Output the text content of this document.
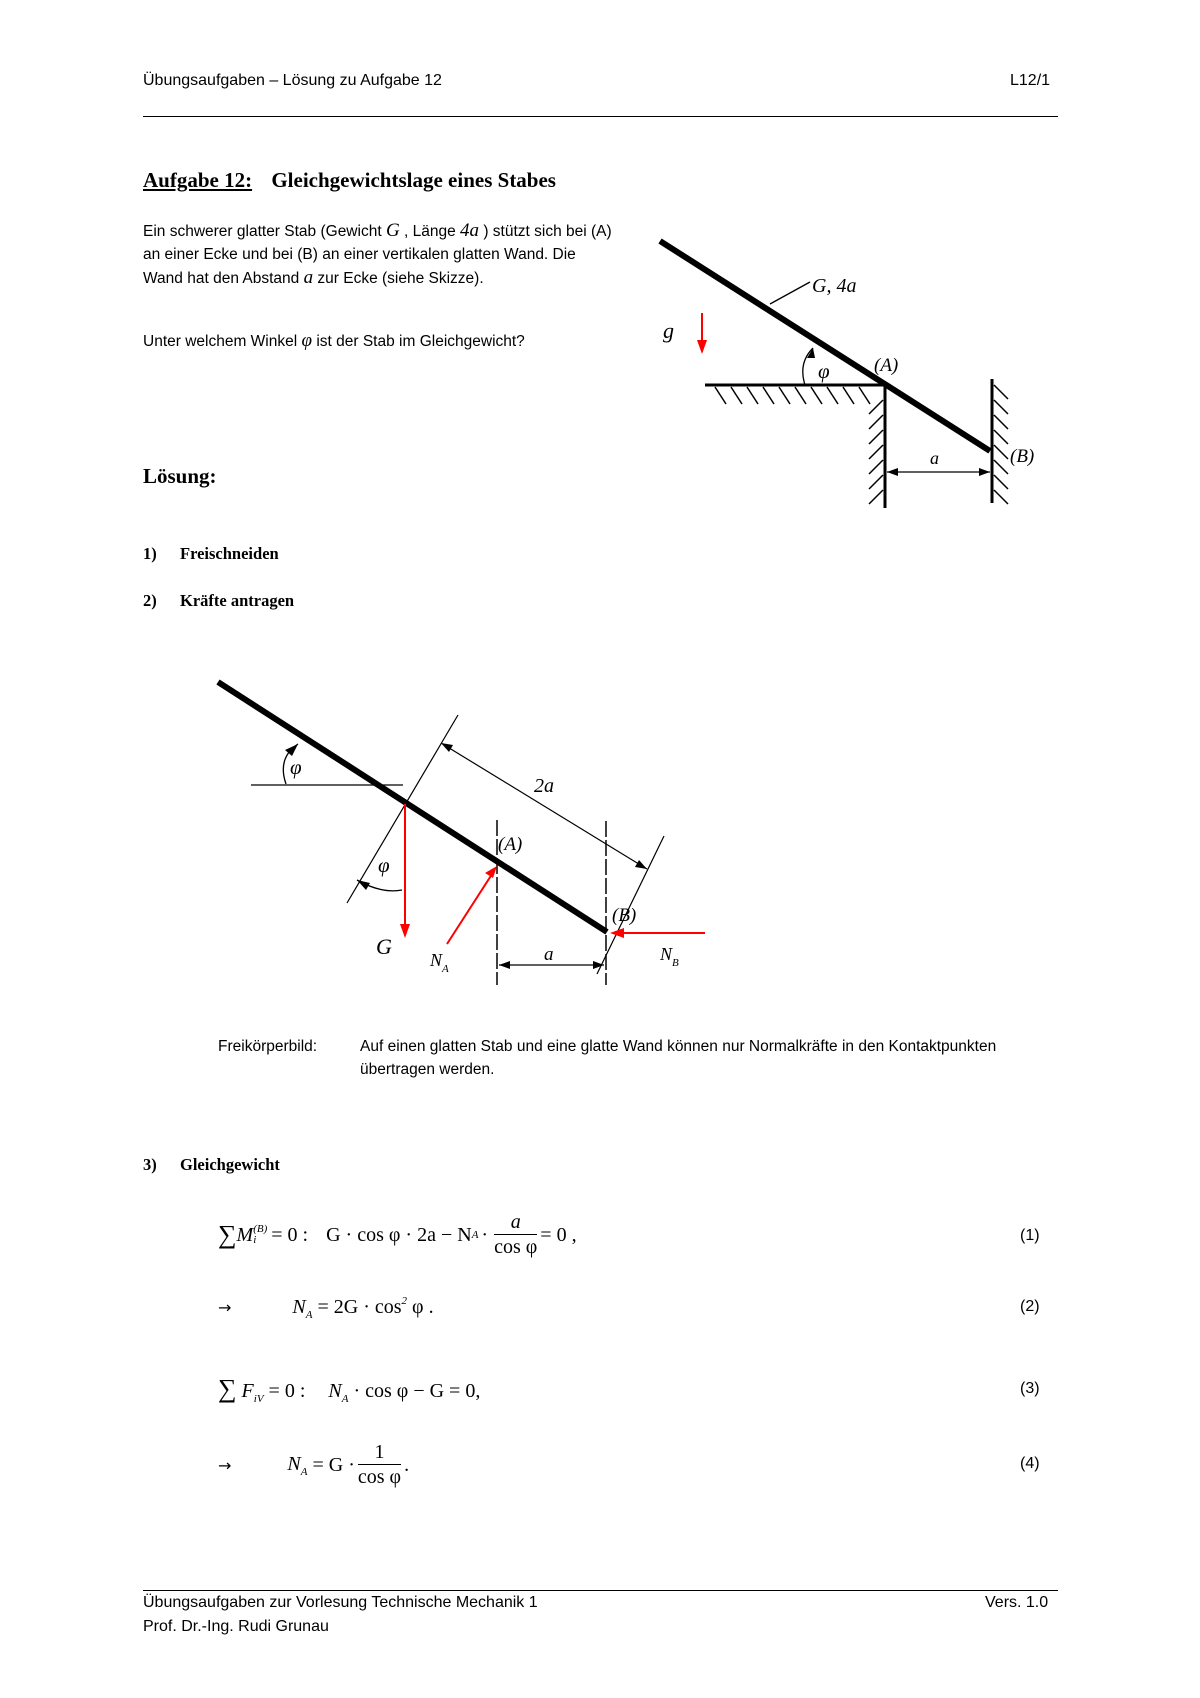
Übungsaufgaben – Lösung zu Aufgabe 12	L12/1
Aufgabe 12: Gleichgewichtslage eines Stabes
Ein schwerer glatter Stab (Gewicht G , Länge 4a ) stützt sich bei (A) an einer Ecke und bei (B) an einer vertikalen glatten Wand. Die Wand hat den Abstand a zur Ecke (siehe Skizze).
Unter welchem Winkel φ ist der Stab im Gleichgewicht?	g
G, 4a
φ (A)
(B)
a
Lösung:
1) Freischneiden
2) Kräfte antragen
φ
2a
φ
a
G
$N_A$
$N_B$
(A)
(B)
Freikörperbild:	Auf einen glatten Stab und eine glatte Wand können nur Normalkräfte in den Kontaktpunkten übertragen werden.
3) Gleichgewicht
∑ M (B)
i = 0 : G · cos φ · 2a − N $A \cdot \frac{a}{\text{cos φ}} = 0$ ,	(1)
→	$N_A = 2G \cdot \cos^2 \varphi$ .	(2)
∑ $F_{iV} = 0$ : $N_A \cdot \cos \varphi - G = 0$,	(3)
→	$N_A = G \cdot \frac{1}{\text{cos φ}}$ .	(4)
Übungsaufgaben zur Vorlesung Technische Mechanik 1
Prof. Dr.-Ing. Rudi Grunau
Vers. 1.0
